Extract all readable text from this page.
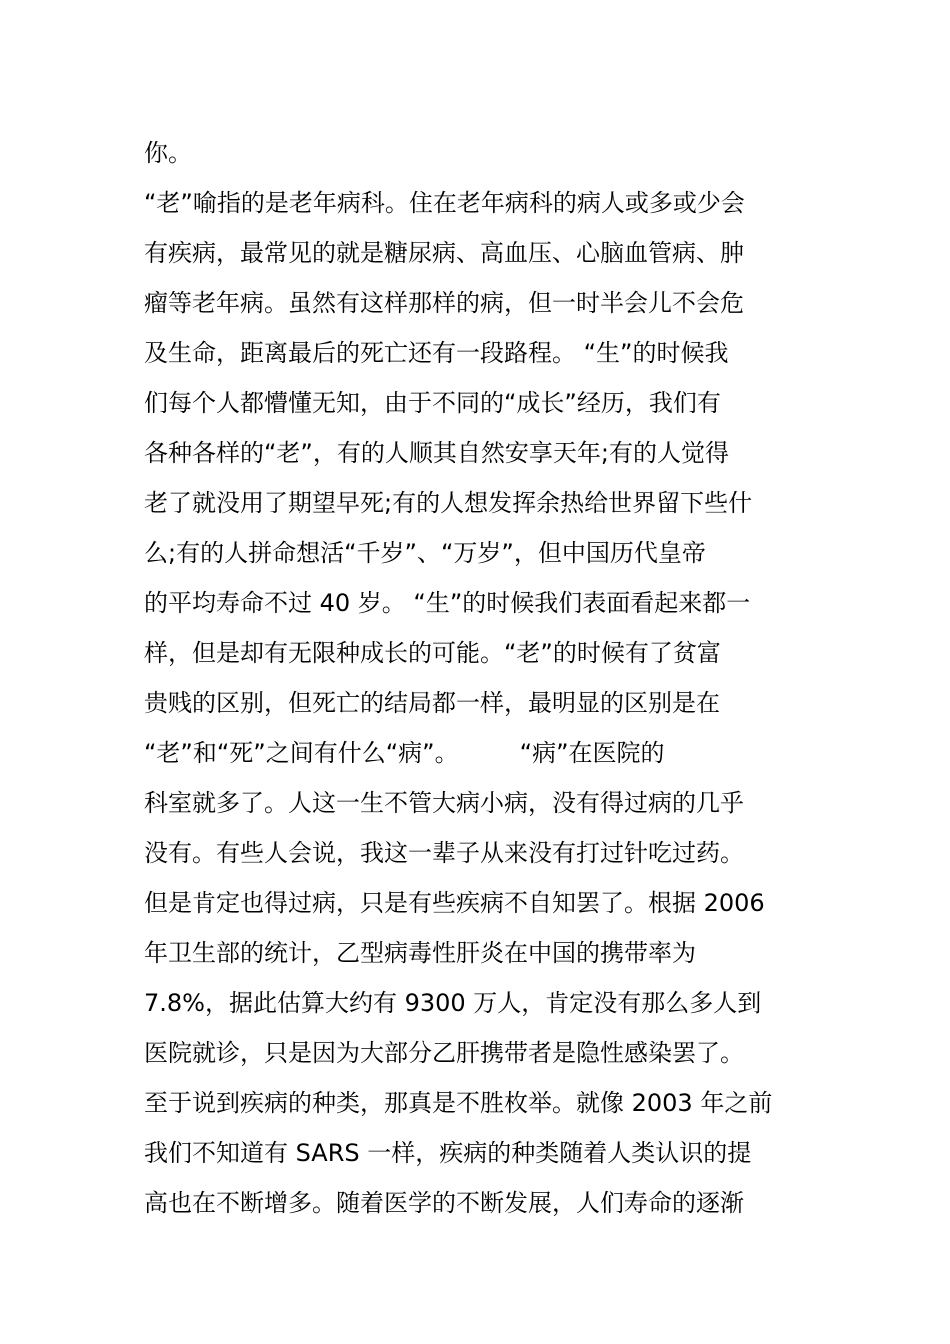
你。
“老”喻指的是老年病科。住在老年病科的病人或多或少会
有疾病，最常见的就是糖尿病、高血压、心脑血管病、肿
瘤等老年病。虽然有这样那样的病，但一时半会儿不会危
及生命，距离最后的死亡还有一段路程。 “生”的时候我
们每个人都懵懂无知，由于不同的“成长”经历，我们有
各种各样的“老”，有的人顺其自然安享天年;有的人觉得
老了就没用了期望早死;有的人想发挥余热给世界留下些什
么;有的人拼命想活“千岁”、“万岁”，但中国历代皇帝
的平均寿命不过 40 岁。 “生”的时候我们表面看起来都一
样，但是却有无限种成长的可能。“老”的时候有了贫富
贵贱的区别，但死亡的结局都一样，最明显的区别是在
“老”和“死”之间有什么“病”。        “病”在医院的
科室就多了。人这一生不管大病小病，没有得过病的几乎
没有。有些人会说，我这一辈子从来没有打过针吃过药。
但是肯定也得过病，只是有些疾病不自知罢了。根据 2006
年卫生部的统计，乙型病毒性肝炎在中国的携带率为
7.8%，据此估算大约有 9300 万人，肯定没有那么多人到
医院就诊，只是因为大部分乙肝携带者是隐性感染罢了。
至于说到疾病的种类，那真是不胜枚举。就像 2003 年之前
我们不知道有 SARS 一样，疾病的种类随着人类认识的提
高也在不断增多。随着医学的不断发展，人们寿命的逐渐
